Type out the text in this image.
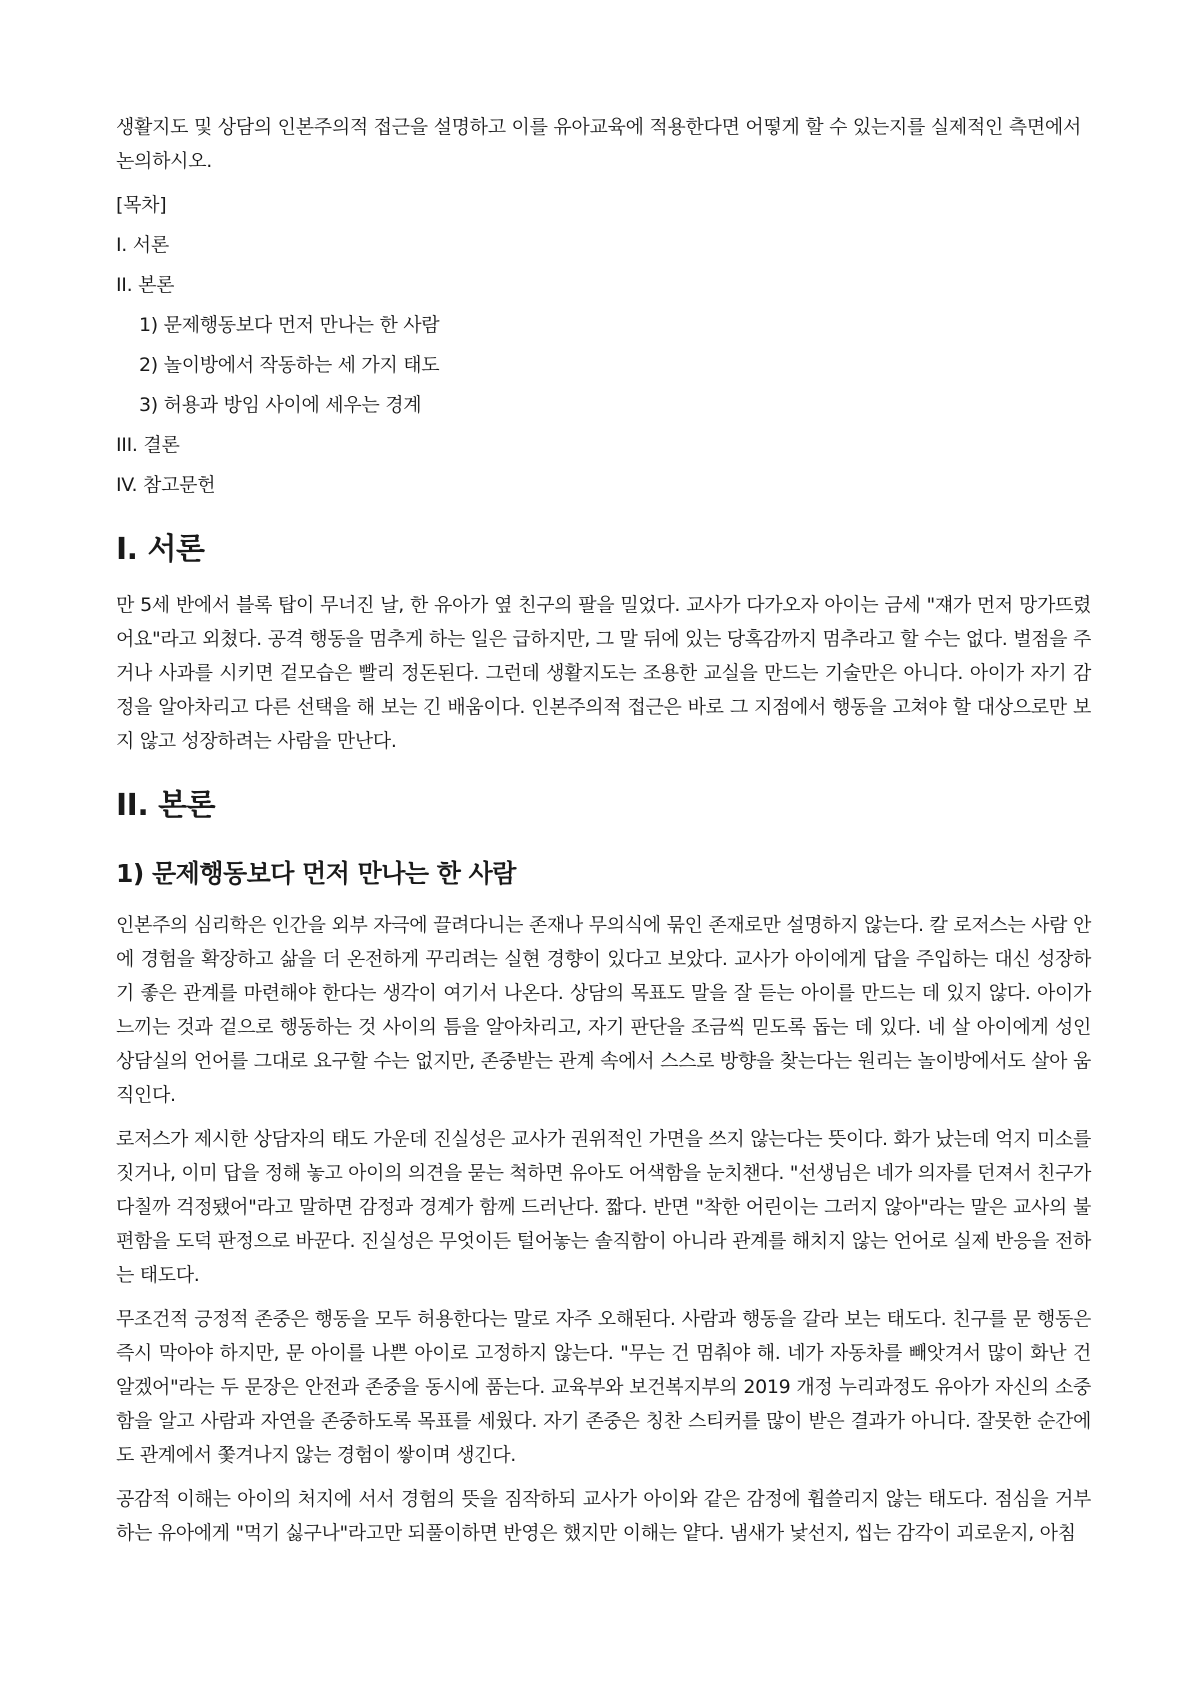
생활지도 및 상담의 인본주의적 접근을 설명하고 이를 유아교육에 적용한다면 어떻게 할 수 있는지를 실제적인 측면에서 논의하시오.

[목차]
I. 서론
II. 본론
1) 문제행동보다 먼저 만나는 한 사람
2) 놀이방에서 작동하는 세 가지 태도
3) 허용과 방임 사이에 세우는 경계
III. 결론
IV. 참고문헌
I. 서론

만 5세 반에서 블록 탑이 무너진 날, 한 유아가 옆 친구의 팔을 밀었다. 교사가 다가오자 아이는 금세 "쟤가 먼저 망가뜨렸어요"라고 외쳤다. 공격 행동을 멈추게 하는 일은 급하지만, 그 말 뒤에 있는 당혹감까지 멈추라고 할 수는 없다. 벌점을 주거나 사과를 시키면 겉모습은 빨리 정돈된다. 그런데 생활지도는 조용한 교실을 만드는 기술만은 아니다. 아이가 자기 감정을 알아차리고 다른 선택을 해 보는 긴 배움이다. 인본주의적 접근은 바로 그 지점에서 행동을 고쳐야 할 대상으로만 보지 않고 성장하려는 사람을 만난다.

II. 본론
1) 문제행동보다 먼저 만나는 한 사람

인본주의 심리학은 인간을 외부 자극에 끌려다니는 존재나 무의식에 묶인 존재로만 설명하지 않는다. 칼 로저스는 사람 안에 경험을 확장하고 삶을 더 온전하게 꾸리려는 실현 경향이 있다고 보았다. 교사가 아이에게 답을 주입하는 대신 성장하기 좋은 관계를 마련해야 한다는 생각이 여기서 나온다. 상담의 목표도 말을 잘 듣는 아이를 만드는 데 있지 않다. 아이가 느끼는 것과 겉으로 행동하는 것 사이의 틈을 알아차리고, 자기 판단을 조금씩 믿도록 돕는 데 있다. 네 살 아이에게 성인 상담실의 언어를 그대로 요구할 수는 없지만, 존중받는 관계 속에서 스스로 방향을 찾는다는 원리는 놀이방에서도 살아 움직인다.

로저스가 제시한 상담자의 태도 가운데 진실성은 교사가 권위적인 가면을 쓰지 않는다는 뜻이다. 화가 났는데 억지 미소를 짓거나, 이미 답을 정해 놓고 아이의 의견을 묻는 척하면 유아도 어색함을 눈치챈다. "선생님은 네가 의자를 던져서 친구가 다칠까 걱정됐어"라고 말하면 감정과 경계가 함께 드러난다. 짧다. 반면 "착한 어린이는 그러지 않아"라는 말은 교사의 불편함을 도덕 판정으로 바꾼다. 진실성은 무엇이든 털어놓는 솔직함이 아니라 관계를 해치지 않는 언어로 실제 반응을 전하는 태도다.

무조건적 긍정적 존중은 행동을 모두 허용한다는 말로 자주 오해된다. 사람과 행동을 갈라 보는 태도다. 친구를 문 행동은 즉시 막아야 하지만, 문 아이를 나쁜 아이로 고정하지 않는다. "무는 건 멈춰야 해. 네가 자동차를 빼앗겨서 많이 화난 건 알겠어"라는 두 문장은 안전과 존중을 동시에 품는다. 교육부와 보건복지부의 2019 개정 누리과정도 유아가 자신의 소중함을 알고 사람과 자연을 존중하도록 목표를 세웠다. 자기 존중은 칭찬 스티커를 많이 받은 결과가 아니다. 잘못한 순간에도 관계에서 쫓겨나지 않는 경험이 쌓이며 생긴다.

공감적 이해는 아이의 처지에 서서 경험의 뜻을 짐작하되 교사가 아이와 같은 감정에 휩쓸리지 않는 태도다. 점심을 거부하는 유아에게 "먹기 싫구나"라고만 되풀이하면 반영은 했지만 이해는 얕다. 냄새가 낯선지, 씹는 감각이 괴로운지, 아침
